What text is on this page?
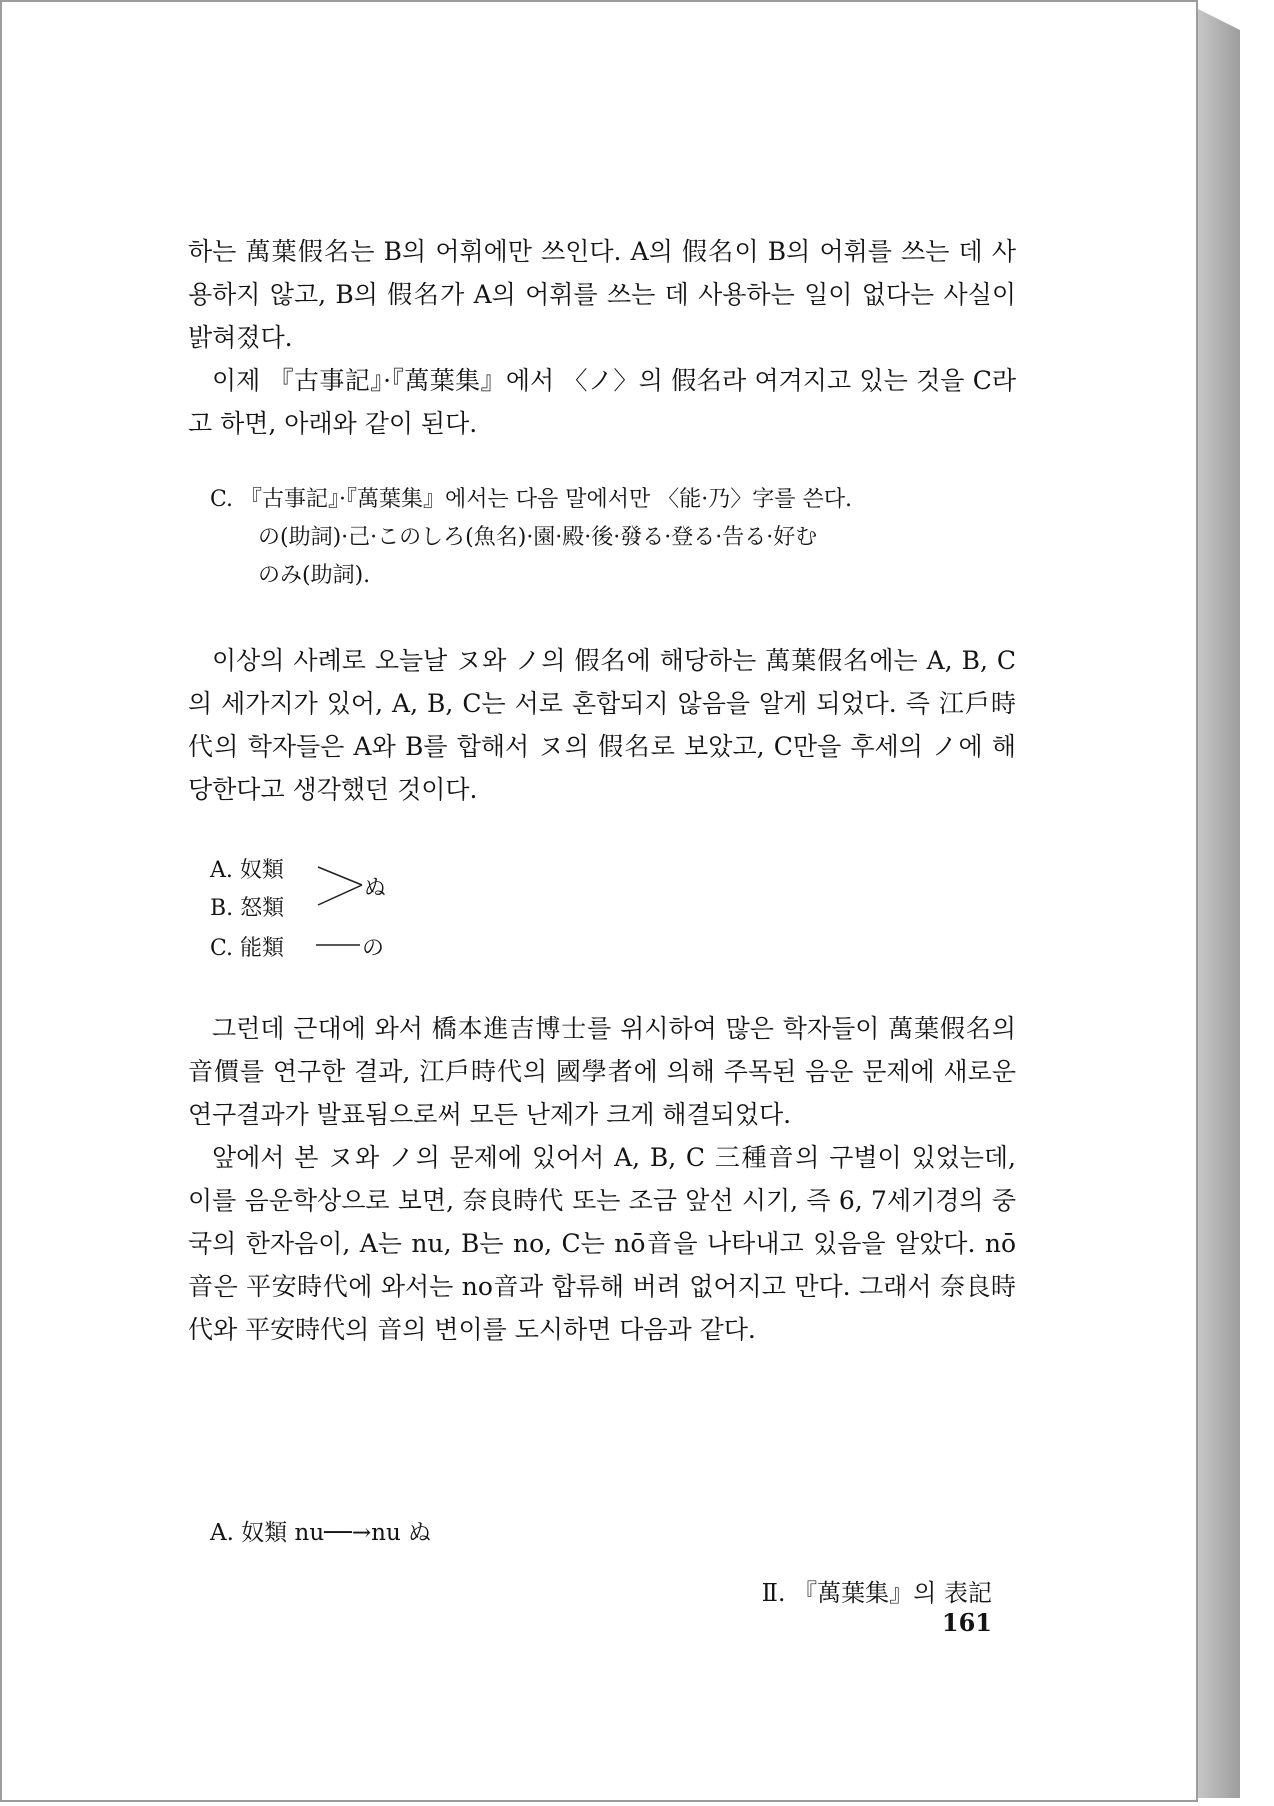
하는 萬葉假名는 B의 어휘에만 쓰인다. A의 假名이 B의 어휘를 쓰는 데 사용하지 않고, B의 假名가 A의 어휘를 쓰는 데 사용하는 일이 없다는 사실이 밝혀졌다.

이제 『古事記』·『萬葉集』에서 〈ノ〉의 假名라 여겨지고 있는 것을 C라고 하면, 아래와 같이 된다.

C. 『古事記』·『萬葉集』에서는 다음 말에서만 〈能·乃〉字를 쓴다.
の(助詞)·己·このしろ(魚名)·園·殿·後·發る·登る·告る·好む
のみ(助詞).

이상의 사례로 오늘날 ヌ와 ノ의 假名에 해당하는 萬葉假名에는 A, B, C의 세가지가 있어, A, B, C는 서로 혼합되지 않음을 알게 되었다. 즉 江戶時代의 학자들은 A와 B를 합해서 ヌ의 假名로 보았고, C만을 후세의 ノ에 해당한다고 생각했던 것이다.

A. 奴類
B. 怒類
C. 能類
ぬ
の

그런데 근대에 와서 橋本進吉博士를 위시하여 많은 학자들이 萬葉假名의 音價를 연구한 결과, 江戶時代의 國學者에 의해 주목된 음운 문제에 새로운 연구결과가 발표됨으로써 모든 난제가 크게 해결되었다.

앞에서 본 ヌ와 ノ의 문제에 있어서 A, B, C 三種音의 구별이 있었는데, 이를 음운학상으로 보면, 奈良時代 또는 조금 앞선 시기, 즉 6, 7세기경의 중국의 한자음이, A는 nu, B는 no, C는 nō音을 나타내고 있음을 알았다. nō音은 平安時代에 와서는 no音과 합류해 버려 없어지고 만다. 그래서 奈良時代와 平安時代의 音의 변이를 도시하면 다음과 같다.

A. 奴類 nu──→nu ぬ
Ⅱ. 『萬葉集』의 表記161
